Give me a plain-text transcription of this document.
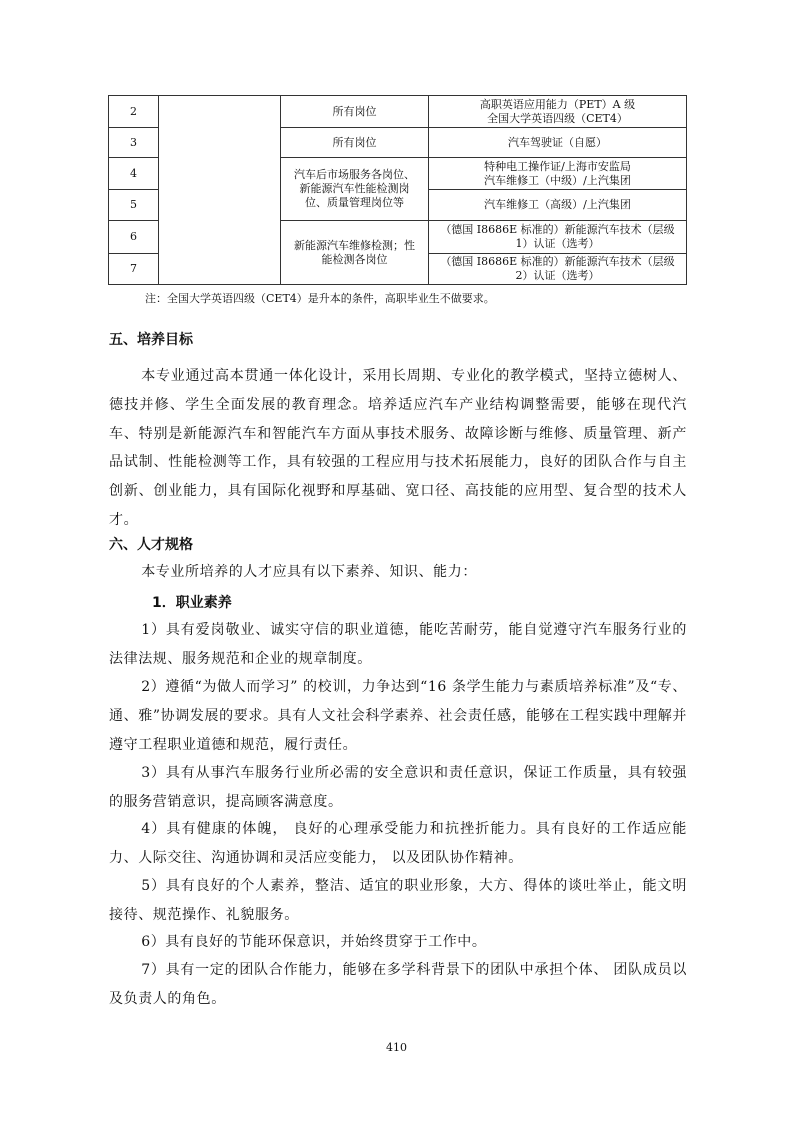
2		所有岗位	高职英语应用能力（PET）A 级
全国大学英语四级（CET4）
3		所有岗位	汽车驾驶证（自愿）
4		汽车后市场服务各岗位、
新能源汽车性能检测岗
位、质量管理岗位等	特种电工操作证/上海市安监局
汽车维修工（中级）/上汽集团
5			汽车维修工（高级）/上汽集团
6		新能源汽车维修检测；性
能检测各岗位	（德国 I8686E 标准的）新能源汽车技术（层级
1）认证（选考）
7			（德国 I8686E 标准的）新能源汽车技术（层级
2）认证（选考）
注：全国大学英语四级（CET4）是升本的条件，高职毕业生不做要求。
五、培养目标
本专业通过高本贯通一体化设计，采用长周期、专业化的教学模式，坚持立德树人、德技并修、学生全面发展的教育理念。培养适应汽车产业结构调整需要，能够在现代汽车、特别是新能源汽车和智能汽车方面从事技术服务、故障诊断与维修、质量管理、新产品试制、性能检测等工作，具有较强的工程应用与技术拓展能力，良好的团队合作与自主创新、创业能力，具有国际化视野和厚基础、宽口径、高技能的应用型、复合型的技术人才。
六、人才规格
本专业所培养的人才应具有以下素养、知识、能力：
1．职业素养
1）具有爱岗敬业、诚实守信的职业道德，能吃苦耐劳，能自觉遵守汽车服务行业的法律法规、服务规范和企业的规章制度。
2）遵循“为做人而学习” 的校训，力争达到“16 条学生能力与素质培养标准”及“专、通、雅”协调发展的要求。具有人文社会科学素养、社会责任感，能够在工程实践中理解并遵守工程职业道德和规范，履行责任。
3）具有从事汽车服务行业所必需的安全意识和责任意识，保证工作质量，具有较强的服务营销意识，提高顾客满意度。
4）具有健康的体魄， 良好的心理承受能力和抗挫折能力。具有良好的工作适应能力、人际交往、沟通协调和灵活应变能力， 以及团队协作精神。
5）具有良好的个人素养，整洁、适宜的职业形象，大方、得体的谈吐举止，能文明接待、规范操作、礼貌服务。
6）具有良好的节能环保意识，并始终贯穿于工作中。
7）具有一定的团队合作能力，能够在多学科背景下的团队中承担个体、 团队成员以及负责人的角色。
410
